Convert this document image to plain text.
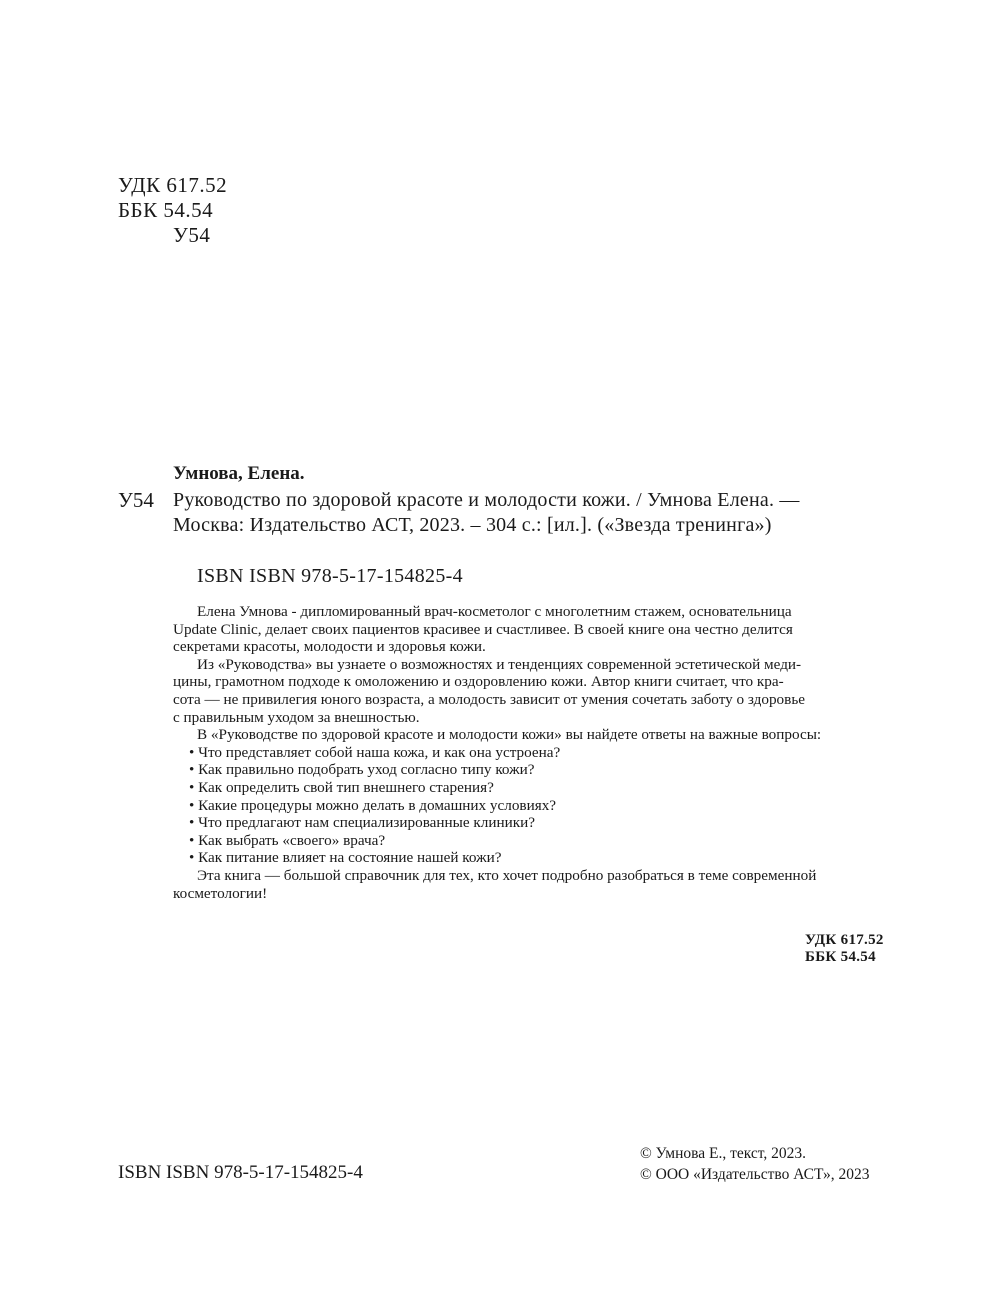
УДК 617.52
ББК 54.54
У54
Умнова, Елена.
У54 Руководство по здоровой красоте и молодости кожи. / Умнова Елена. —
Москва: Издательство АСТ, 2023. – 304 с.: [ил.]. («Звезда тренинга»)
ISBN ISBN 978-5-17-154825-4
Елена Умнова - дипломированный врач-косметолог с многолетним стажем, основательница
Update Clinic, делает своих пациентов красивее и счастливее. В своей книге она честно делится
секретами красоты, молодости и здоровья кожи.
Из «Руководства» вы узнаете о возможностях и тенденциях современной эстетической меди-
цины, грамотном подходе к омоложению и оздоровлению кожи. Автор книги считает, что кра-
сота — не привилегия юного возраста, а молодость зависит от умения сочетать заботу о здоровье
с правильным уходом за внешностью.
В «Руководстве по здоровой красоте и молодости кожи» вы найдете ответы на важные вопросы:
• Что представляет собой наша кожа, и как она устроена?
• Как правильно подобрать уход согласно типу кожи?
• Как определить свой тип внешнего старения?
• Какие процедуры можно делать в домашних условиях?
• Что предлагают нам специализированные клиники?
• Как выбрать «своего» врача?
• Как питание влияет на состояние нашей кожи?
Эта книга — большой справочник для тех, кто хочет подробно разобраться в теме современной
косметологии!
УДК 617.52
ББК 54.54
ISBN ISBN 978-5-17-154825-4
© Умнова Е., текст, 2023.
© ООО «Издательство АСТ», 2023
